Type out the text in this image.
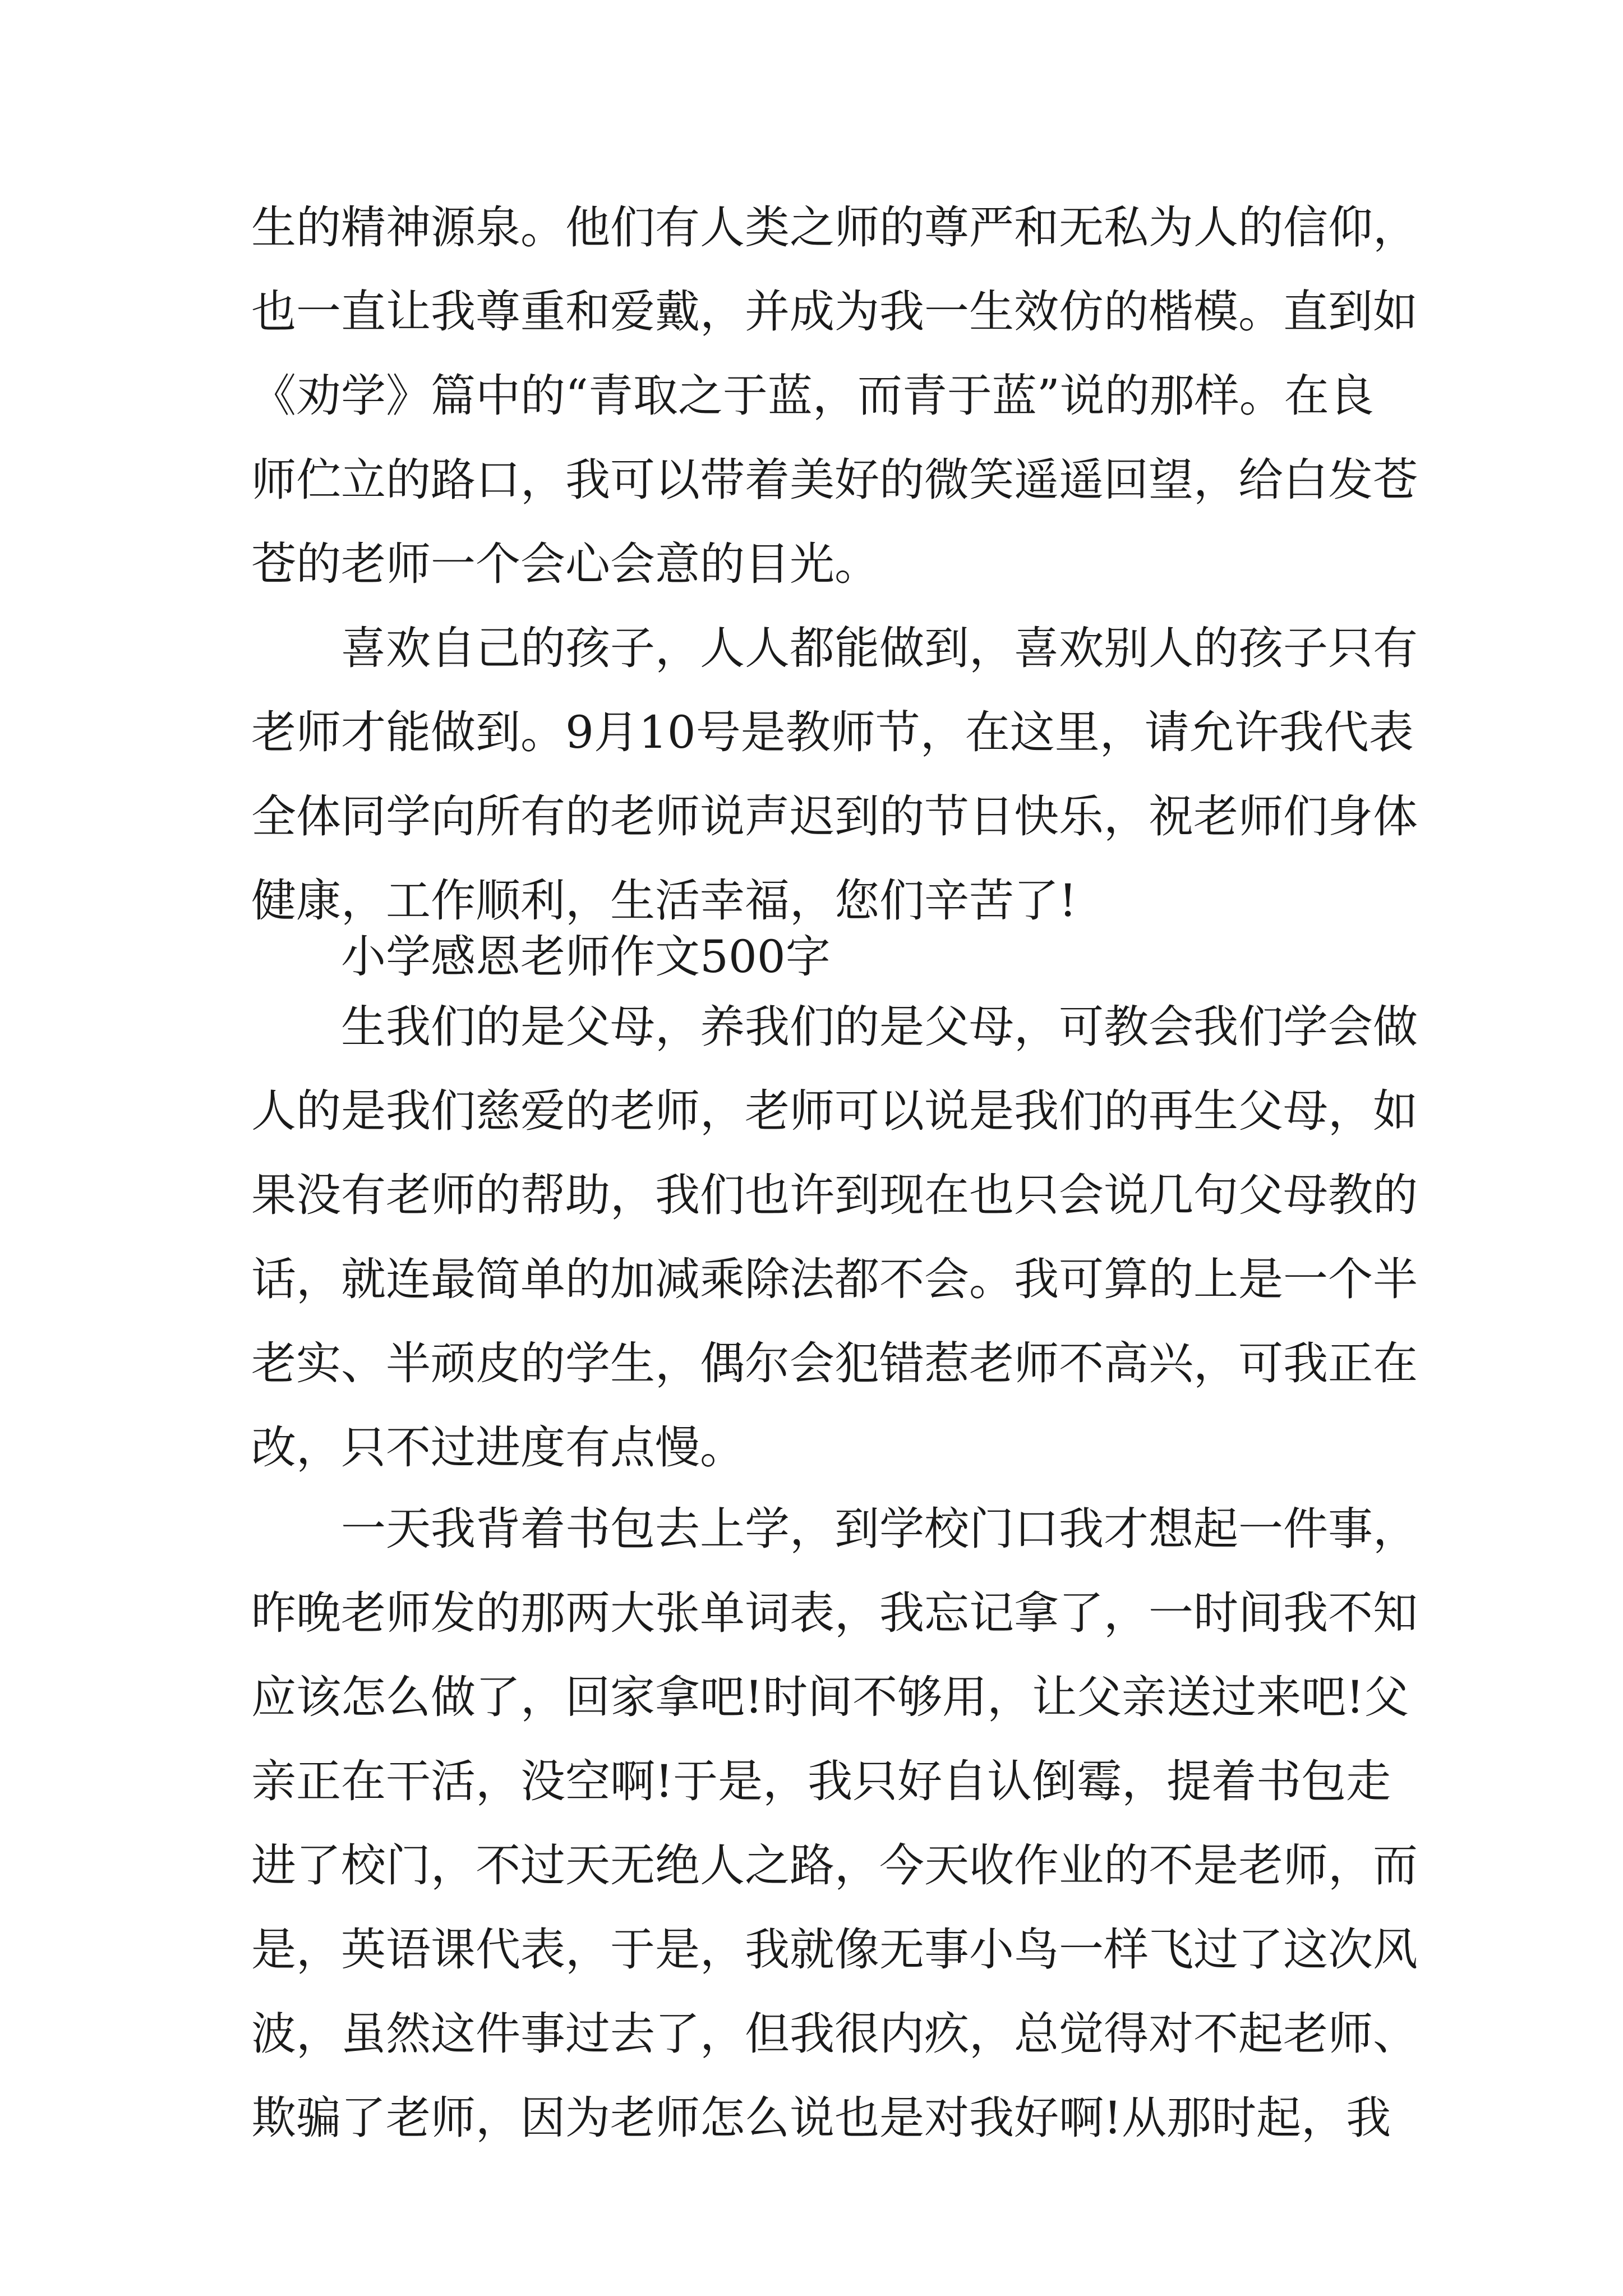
生的精神源泉。他们有人类之师的尊严和无私为人的信仰，
也一直让我尊重和爱戴，并成为我一生效仿的楷模。直到如
《劝学》篇中的“青取之于蓝，而青于蓝”说的那样。在良
师伫立的路口，我可以带着美好的微笑遥遥回望，给白发苍
苍的老师一个会心会意的目光。
喜欢自己的孩子，人人都能做到，喜欢别人的孩子只有
老师才能做到。9月10号是教师节，在这里，请允许我代表
全体同学向所有的老师说声迟到的节日快乐，祝老师们身体
健康，工作顺利，生活幸福，您们辛苦了!
小学感恩老师作文500字
生我们的是父母，养我们的是父母，可教会我们学会做
人的是我们慈爱的老师，老师可以说是我们的再生父母，如
果没有老师的帮助，我们也许到现在也只会说几句父母教的
话，就连最简单的加减乘除法都不会。我可算的上是一个半
老实、半顽皮的学生，偶尔会犯错惹老师不高兴，可我正在
改，只不过进度有点慢。
一天我背着书包去上学，到学校门口我才想起一件事，
昨晚老师发的那两大张单词表，我忘记拿了，一时间我不知
应该怎么做了，回家拿吧!时间不够用，让父亲送过来吧!父
亲正在干活，没空啊!于是，我只好自认倒霉，提着书包走
进了校门，不过天无绝人之路，今天收作业的不是老师，而
是，英语课代表，于是，我就像无事小鸟一样飞过了这次风
波，虽然这件事过去了，但我很内疚，总觉得对不起老师、
欺骗了老师，因为老师怎么说也是对我好啊!从那时起，我
